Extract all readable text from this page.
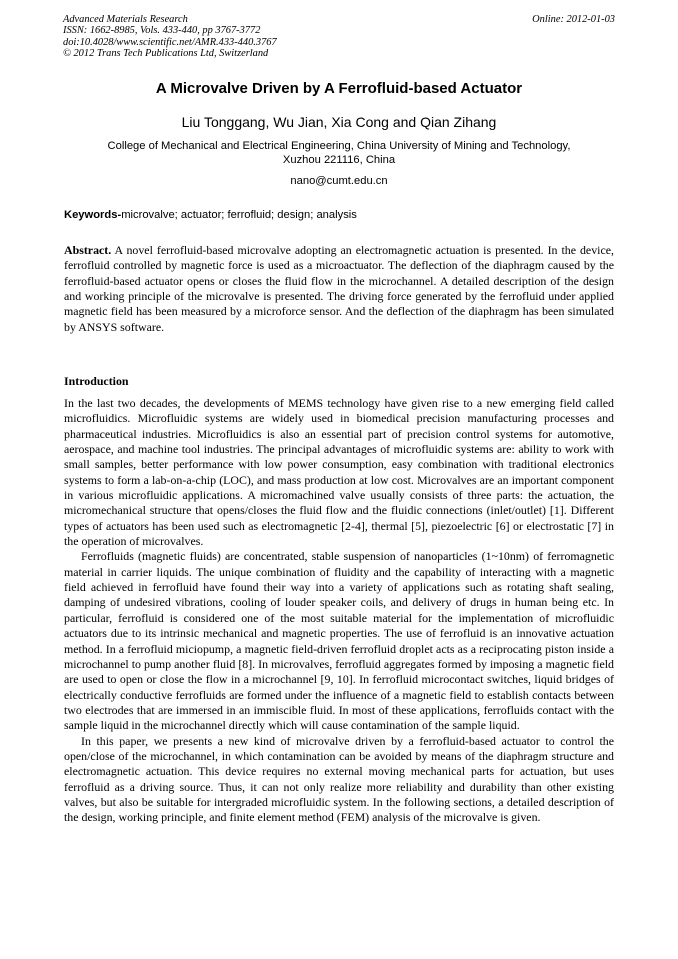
Advanced Materials Research
ISSN: 1662-8985, Vols. 433-440, pp 3767-3772
doi:10.4028/www.scientific.net/AMR.433-440.3767
© 2012 Trans Tech Publications Ltd, Switzerland
Online: 2012-01-03
A Microvalve Driven by A Ferrofluid-based Actuator
Liu Tonggang, Wu Jian, Xia Cong and Qian Zihang
College of Mechanical and Electrical Engineering, China University of Mining and Technology,
Xuzhou 221116, China
nano@cumt.edu.cn
Keywords-microvalve; actuator; ferrofluid; design; analysis
Abstract. A novel ferrofluid-based microvalve adopting an electromagnetic actuation is presented. In the device, ferrofluid controlled by magnetic force is used as a microactuator. The deflection of the diaphragm caused by the ferrofluid-based actuator opens or closes the fluid flow in the microchannel. A detailed description of the design and working principle of the microvalve is presented. The driving force generated by the ferrofluid under applied magnetic field has been measured by a microforce sensor. And the deflection of the diaphragm has been simulated by ANSYS software.
Introduction

In the last two decades, the developments of MEMS technology have given rise to a new emerging field called microfluidics. Microfluidic systems are widely used in biomedical precision manufacturing processes and pharmaceutical industries. Microfluidics is also an essential part of precision control systems for automotive, aerospace, and machine tool industries. The principal advantages of microfluidic systems are: ability to work with small samples, better performance with low power consumption, easy combination with traditional electronics systems to form a lab-on-a-chip (LOC), and mass production at low cost. Microvalves are an important component in various microfluidic applications. A micromachined valve usually consists of three parts: the actuation, the micromechanical structure that opens/closes the fluid flow and the fluidic connections (inlet/outlet) [1]. Different types of actuators has been used such as electromagnetic [2-4], thermal [5], piezoelectric [6] or electrostatic [7] in the operation of microvalves.

Ferrofluids (magnetic fluids) are concentrated, stable suspension of nanoparticles (1~10nm) of ferromagnetic material in carrier liquids. The unique combination of fluidity and the capability of interacting with a magnetic field achieved in ferrofluid have found their way into a variety of applications such as rotating shaft sealing, damping of undesired vibrations, cooling of louder speaker coils, and delivery of drugs in human being etc. In particular, ferrofluid is considered one of the most suitable material for the implementation of microfluidic actuators due to its intrinsic mechanical and magnetic properties. The use of ferrofluid is an innovative actuation method. In a ferrofluid miciopump, a magnetic field-driven ferrofluid droplet acts as a reciprocating piston inside a microchannel to pump another fluid [8]. In microvalves, ferrofluid aggregates formed by imposing a magnetic field are used to open or close the flow in a microchannel [9, 10]. In ferrofluid microcontact switches, liquid bridges of electrically conductive ferrofluids are formed under the influence of a magnetic field to establish contacts between two electrodes that are immersed in an immiscible fluid. In most of these applications, ferrofluids contact with the sample liquid in the microchannel directly which will cause contamination of the sample liquid.

In this paper, we presents a new kind of microvalve driven by a ferrofluid-based actuator to control the open/close of the microchannel, in which contamination can be avoided by means of the diaphragm structure and electromagnetic actuation. This device requires no external moving mechanical parts for actuation, but uses ferrofluid as a driving source. Thus, it can not only realize more reliability and durability than other existing valves, but also be suitable for intergraded microfluidic system. In the following sections, a detailed description of the design, working principle, and finite element method (FEM) analysis of the microvalve is given.
